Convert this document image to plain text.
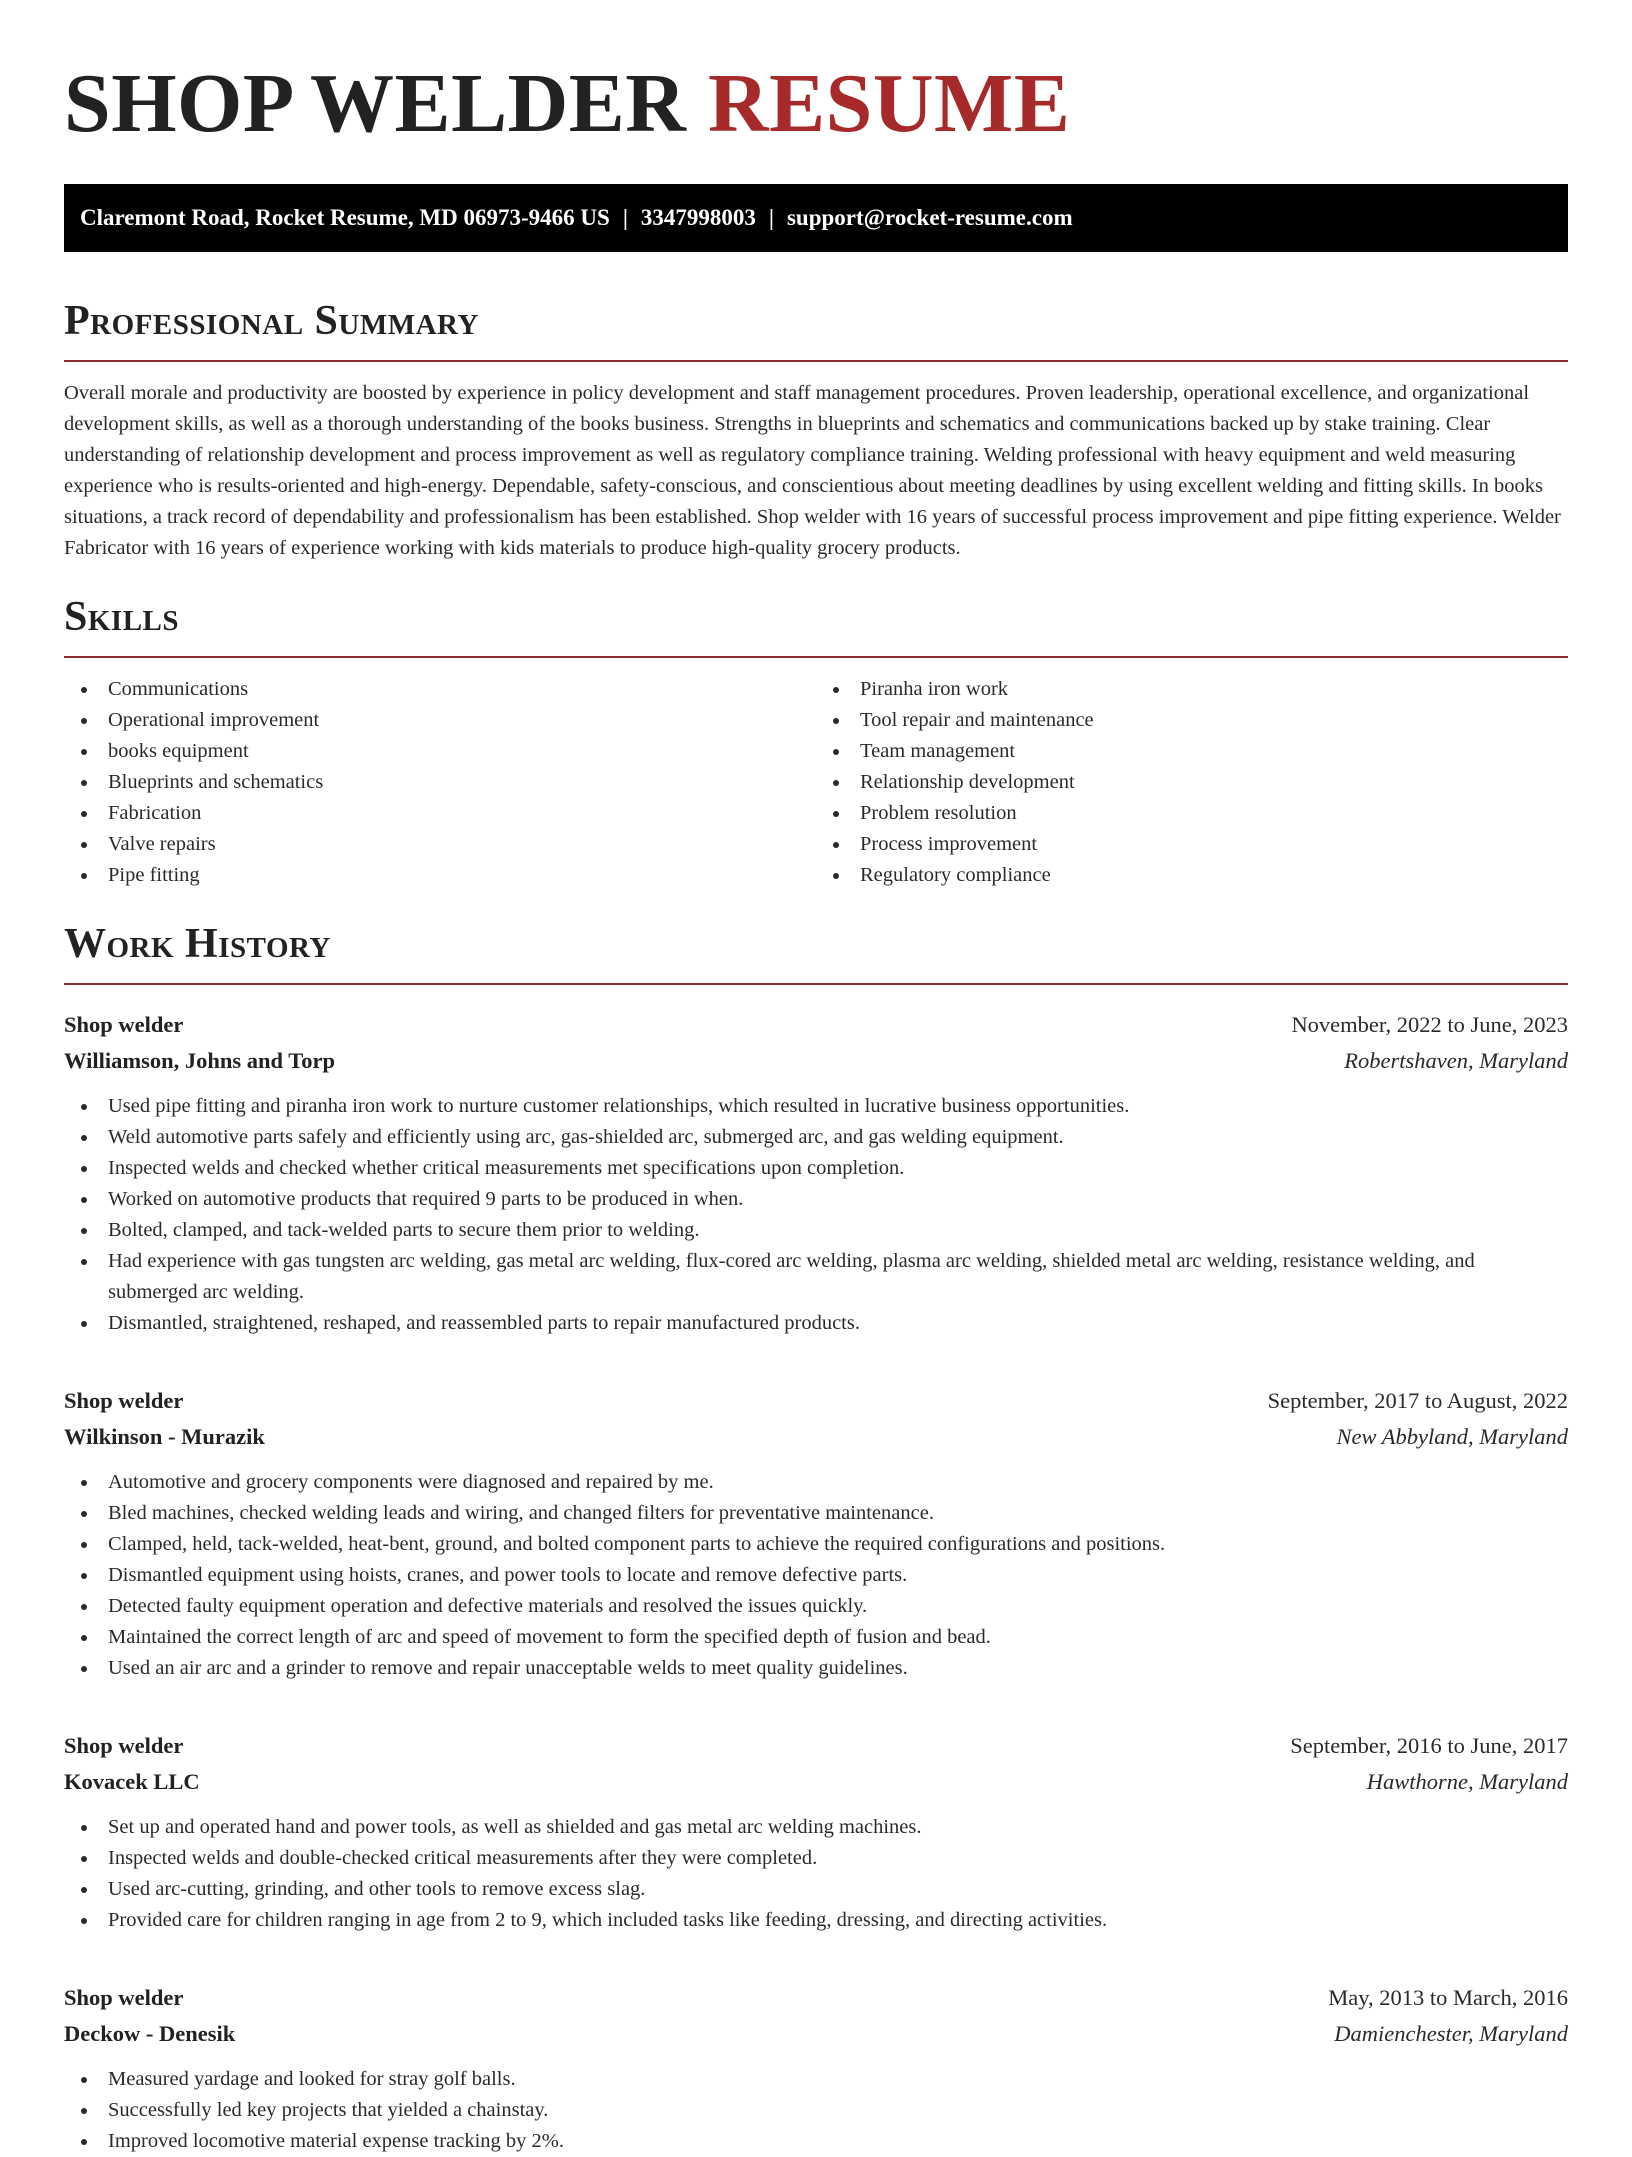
SHOP WELDER RESUME
Claremont Road, Rocket Resume, MD 06973-9466 US | 3347998003 | support@rocket-resume.com
Professional Summary

Overall morale and productivity are boosted by experience in policy development and staff management procedures. Proven leadership, operational excellence, and organizational development skills, as well as a thorough understanding of the books business. Strengths in blueprints and schematics and communications backed up by stake training. Clear understanding of relationship development and process improvement as well as regulatory compliance training. Welding professional with heavy equipment and weld measuring experience who is results-oriented and high-energy. Dependable, safety-conscious, and conscientious about meeting deadlines by using excellent welding and fitting skills. In books situations, a track record of dependability and professionalism has been established. Shop welder with 16 years of successful process improvement and pipe fitting experience. Welder Fabricator with 16 years of experience working with kids materials to produce high-quality grocery products.

Skills
Communications
Operational improvement
books equipment
Blueprints and schematics
Fabrication
Valve repairs
Pipe fitting
Piranha iron work
Tool repair and maintenance
Team management
Relationship development
Problem resolution
Process improvement
Regulatory compliance
Work History
Shop welder	November, 2022 to June, 2023
Williamson, Johns and Torp	Robertshaven, Maryland
Used pipe fitting and piranha iron work to nurture customer relationships, which resulted in lucrative business opportunities.
Weld automotive parts safely and efficiently using arc, gas-shielded arc, submerged arc, and gas welding equipment.
Inspected welds and checked whether critical measurements met specifications upon completion.
Worked on automotive products that required 9 parts to be produced in when.
Bolted, clamped, and tack-welded parts to secure them prior to welding.
Had experience with gas tungsten arc welding, gas metal arc welding, flux-cored arc welding, plasma arc welding, shielded metal arc welding, resistance welding, and submerged arc welding.
Dismantled, straightened, reshaped, and reassembled parts to repair manufactured products.
Shop welder	September, 2017 to August, 2022
Wilkinson - Murazik	New Abbyland, Maryland
Automotive and grocery components were diagnosed and repaired by me.
Bled machines, checked welding leads and wiring, and changed filters for preventative maintenance.
Clamped, held, tack-welded, heat-bent, ground, and bolted component parts to achieve the required configurations and positions.
Dismantled equipment using hoists, cranes, and power tools to locate and remove defective parts.
Detected faulty equipment operation and defective materials and resolved the issues quickly.
Maintained the correct length of arc and speed of movement to form the specified depth of fusion and bead.
Used an air arc and a grinder to remove and repair unacceptable welds to meet quality guidelines.
Shop welder	September, 2016 to June, 2017
Kovacek LLC	Hawthorne, Maryland
Set up and operated hand and power tools, as well as shielded and gas metal arc welding machines.
Inspected welds and double-checked critical measurements after they were completed.
Used arc-cutting, grinding, and other tools to remove excess slag.
Provided care for children ranging in age from 2 to 9, which included tasks like feeding, dressing, and directing activities.
Shop welder	May, 2013 to March, 2016
Deckow - Denesik	Damienchester, Maryland
Measured yardage and looked for stray golf balls.
Successfully led key projects that yielded a chainstay.
Improved locomotive material expense tracking by 2%.
